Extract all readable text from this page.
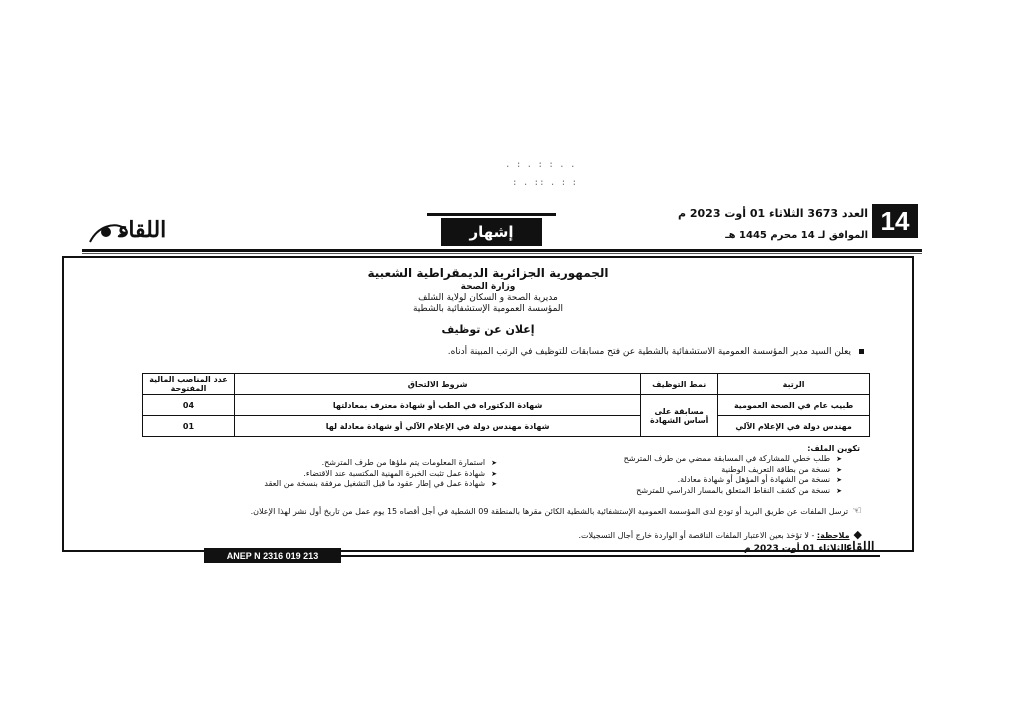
. : . : : . .
: . :: . : :
14
العدد 3673 الثلاثاء 01 أوت 2023 م
الموافق لـ 14 محرم 1445 هـ
إشهار
اللقاء
الجمهورية الجزائرية الديمقراطية الشعبية
وزارة الصحة
مديرية الصحة و السكان لولاية الشلف
المؤسسة العمومية الإستشفائية بالشطية
إعلان عن توظيف
يعلن السيد مدير المؤسسة العمومية الاستشفائية بالشطية عن فتح مسابقات للتوظيف في الرتب المبينة أدناه.
الرتبة	نمط التوظيف	شروط الالتحاق	عدد المناصب المالية المفتوحة
طبيب عام في الصحة العمومية	مسابقة على أساس الشهادة	شهادة الدكتوراه في الطب أو شهادة معترف بمعادلتها	04
مهندس دولة في الإعلام الآلي		شهادة مهندس دولة في الإعلام الآلي أو شهادة معادلة لها	01
تكوين الملف:
➤ طلب خطي للمشاركة في المسابقة ممضي من طرف المترشح
➤ نسخة من بطاقة التعريف الوطنية
➤ نسخة من الشهادة أو المؤهل أو شهادة معادلة.
➤ نسخة من كشف النقاط المتعلق بالمسار الدراسي للمترشح
➤ استمارة المعلومات يتم ملؤها من طرف المترشح.
➤ شهادة عمل تثبت الخبرة المهنية المكتسبة عند الاقتضاء.
➤ شهادة عمل في إطار عقود ما قبل التشغيل مرفقة بنسخة من العقد
☜ترسل الملفات عن طريق البريد أو تودع لدى المؤسسة العمومية الإستشفائية بالشطية الكائن مقرها بالمنطقة 09 الشطية في أجل أقصاه 15 يوم عمل من تاريخ أول نشر لهذا الإعلان.
◆ملاحظة: - لا تؤخذ بعين الاعتبار الملفات الناقصة أو الواردة خارج أجال التسجيلات.
ANEP N 2316 019 213
الثلاثاء 01 أوت 2023 م اللقاء
